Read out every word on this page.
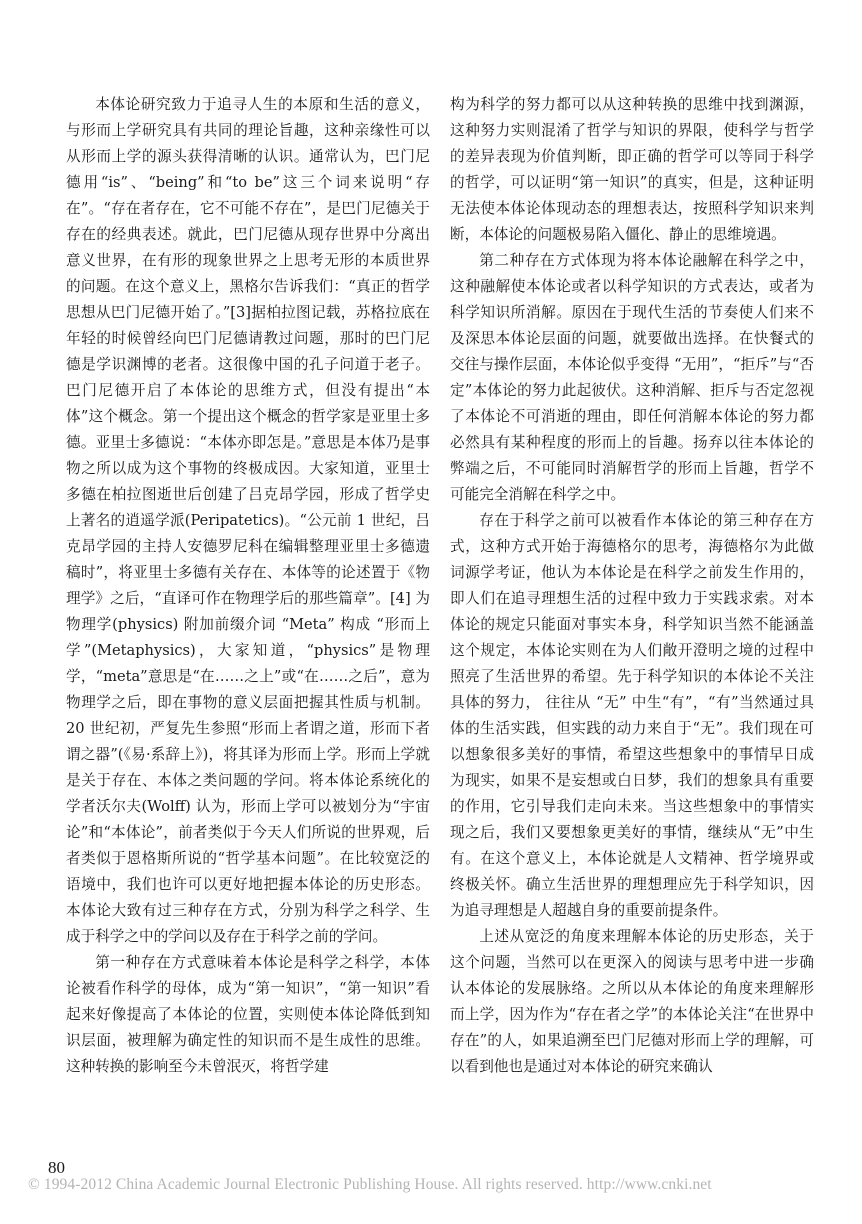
本体论研究致力于追寻人生的本原和生活的意义，与形而上学研究具有共同的理论旨趣，这种亲缘性可以从形而上学的源头获得清晰的认识。通常认为，巴门尼德用“is”、“being”和“to be”这三个词来说明“存在”。“存在者存在，它不可能不存在”，是巴门尼德关于存在的经典表述。就此，巴门尼德从现存世界中分离出意义世界，在有形的现象世界之上思考无形的本质世界的问题。在这个意义上，黑格尔告诉我们：“真正的哲学思想从巴门尼德开始了。”[3]据柏拉图记载，苏格拉底在年轻的时候曾经向巴门尼德请教过问题，那时的巴门尼德是学识渊博的老者。这很像中国的孔子问道于老子。巴门尼德开启了本体论的思维方式，但没有提出“本体”这个概念。第一个提出这个概念的哲学家是亚里士多德。亚里士多德说：“本体亦即怎是。”意思是本体乃是事物之所以成为这个事物的终极成因。大家知道，亚里士多德在柏拉图逝世后创建了吕克昂学园，形成了哲学史上著名的逍遥学派(Peripatetics)。“公元前 1 世纪，吕克昂学园的主持人安德罗尼科在编辑整理亚里士多德遗稿时”，将亚里士多德有关存在、本体等的论述置于《物理学》之后，“直译可作在物理学后的那些篇章”。[4] 为物理学(physics) 附加前缀介词 “Meta” 构成 “形而上学”(Metaphysics)，大家知道，“physics”是物理学，“meta”意思是“在……之上”或“在……之后”，意为物理学之后，即在事物的意义层面把握其性质与机制。20 世纪初，严复先生参照“形而上者谓之道，形而下者谓之器”(《易·系辞上》)，将其译为形而上学。形而上学就是关于存在、本体之类问题的学问。将本体论系统化的学者沃尔夫(Wolff) 认为，形而上学可以被划分为“宇宙论”和“本体论”，前者类似于今天人们所说的世界观，后者类似于恩格斯所说的“哲学基本问题”。在比较宽泛的语境中，我们也许可以更好地把握本体论的历史形态。本体论大致有过三种存在方式，分别为科学之科学、生成于科学之中的学问以及存在于科学之前的学问。

第一种存在方式意味着本体论是科学之科学，本体论被看作科学的母体，成为“第一知识”，“第一知识”看起来好像提高了本体论的位置，实则使本体论降低到知识层面，被理解为确定性的知识而不是生成性的思维。这种转换的影响至今未曾泯灭，将哲学建

构为科学的努力都可以从这种转换的思维中找到渊源，这种努力实则混淆了哲学与知识的界限，使科学与哲学的差异表现为价值判断，即正确的哲学可以等同于科学的哲学，可以证明“第一知识”的真实，但是，这种证明无法使本体论体现动态的理想表达，按照科学知识来判断，本体论的问题极易陷入僵化、静止的思维境遇。

第二种存在方式体现为将本体论融解在科学之中，这种融解使本体论或者以科学知识的方式表达，或者为科学知识所消解。原因在于现代生活的节奏使人们来不及深思本体论层面的问题，就要做出选择。在快餐式的交往与操作层面，本体论似乎变得 “无用”，“拒斥”与“否定”本体论的努力此起彼伏。这种消解、拒斥与否定忽视了本体论不可消逝的理由，即任何消解本体论的努力都必然具有某种程度的形而上的旨趣。扬弃以往本体论的弊端之后，不可能同时消解哲学的形而上旨趣，哲学不可能完全消解在科学之中。

存在于科学之前可以被看作本体论的第三种存在方式，这种方式开始于海德格尔的思考，海德格尔为此做词源学考证，他认为本体论是在科学之前发生作用的，即人们在追寻理想生活的过程中致力于实践求索。对本体论的规定只能面对事实本身，科学知识当然不能涵盖这个规定，本体论实则在为人们敞开澄明之境的过程中照亮了生活世界的希望。先于科学知识的本体论不关注具体的努力， 往往从 “无” 中生“有”，“有”当然通过具体的生活实践，但实践的动力来自于“无”。我们现在可以想象很多美好的事情，希望这些想象中的事情早日成为现实，如果不是妄想或白日梦，我们的想象具有重要的作用，它引导我们走向未来。当这些想象中的事情实现之后，我们又要想象更美好的事情，继续从“无”中生有。在这个意义上，本体论就是人文精神、哲学境界或终极关怀。确立生活世界的理想理应先于科学知识，因为追寻理想是人超越自身的重要前提条件。

上述从宽泛的角度来理解本体论的历史形态，关于这个问题，当然可以在更深入的阅读与思考中进一步确认本体论的发展脉络。之所以从本体论的角度来理解形而上学，因为作为“存在者之学”的本体论关注“在世界中存在”的人，如果追溯至巴门尼德对形而上学的理解，可以看到他也是通过对本体论的研究来确认

80
© 1994-2012 China Academic Journal Electronic Publishing House. All rights reserved. http://www.cnki.net
